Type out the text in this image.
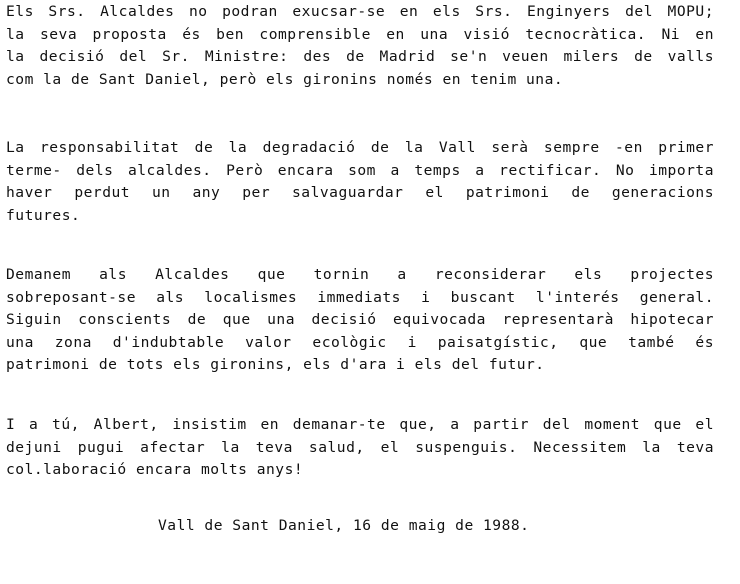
Els Srs. Alcaldes no podran exucsar-se en els Srs. Enginyers del MOPU;
la seva proposta és ben comprensible en una visió tecnocràtica. Ni en
la decisió del Sr. Ministre: des de Madrid se'n veuen milers de valls
com la de Sant Daniel, però els gironins només en tenim una.
La responsabilitat de la degradació de la Vall serà sempre -en primer
terme- dels alcaldes. Però encara som a temps a rectificar. No importa
haver perdut un any per salvaguardar el patrimoni de generacions
futures.
Demanem als Alcaldes que tornin a reconsiderar els projectes
sobreposant-se als localismes immediats i buscant l'interés general.
Siguin conscients de que una decisió equivocada representarà hipotecar
una zona d'indubtable valor ecològic i paisatgístic, que també és
patrimoni de tots els gironins, els d'ara i els del futur.
I a tú, Albert, insistim en demanar-te que, a partir del moment que el
dejuni pugui afectar la teva salud, el suspenguis. Necessitem la teva
col.laboració encara molts anys!
Vall de Sant Daniel, 16 de maig de 1988.
